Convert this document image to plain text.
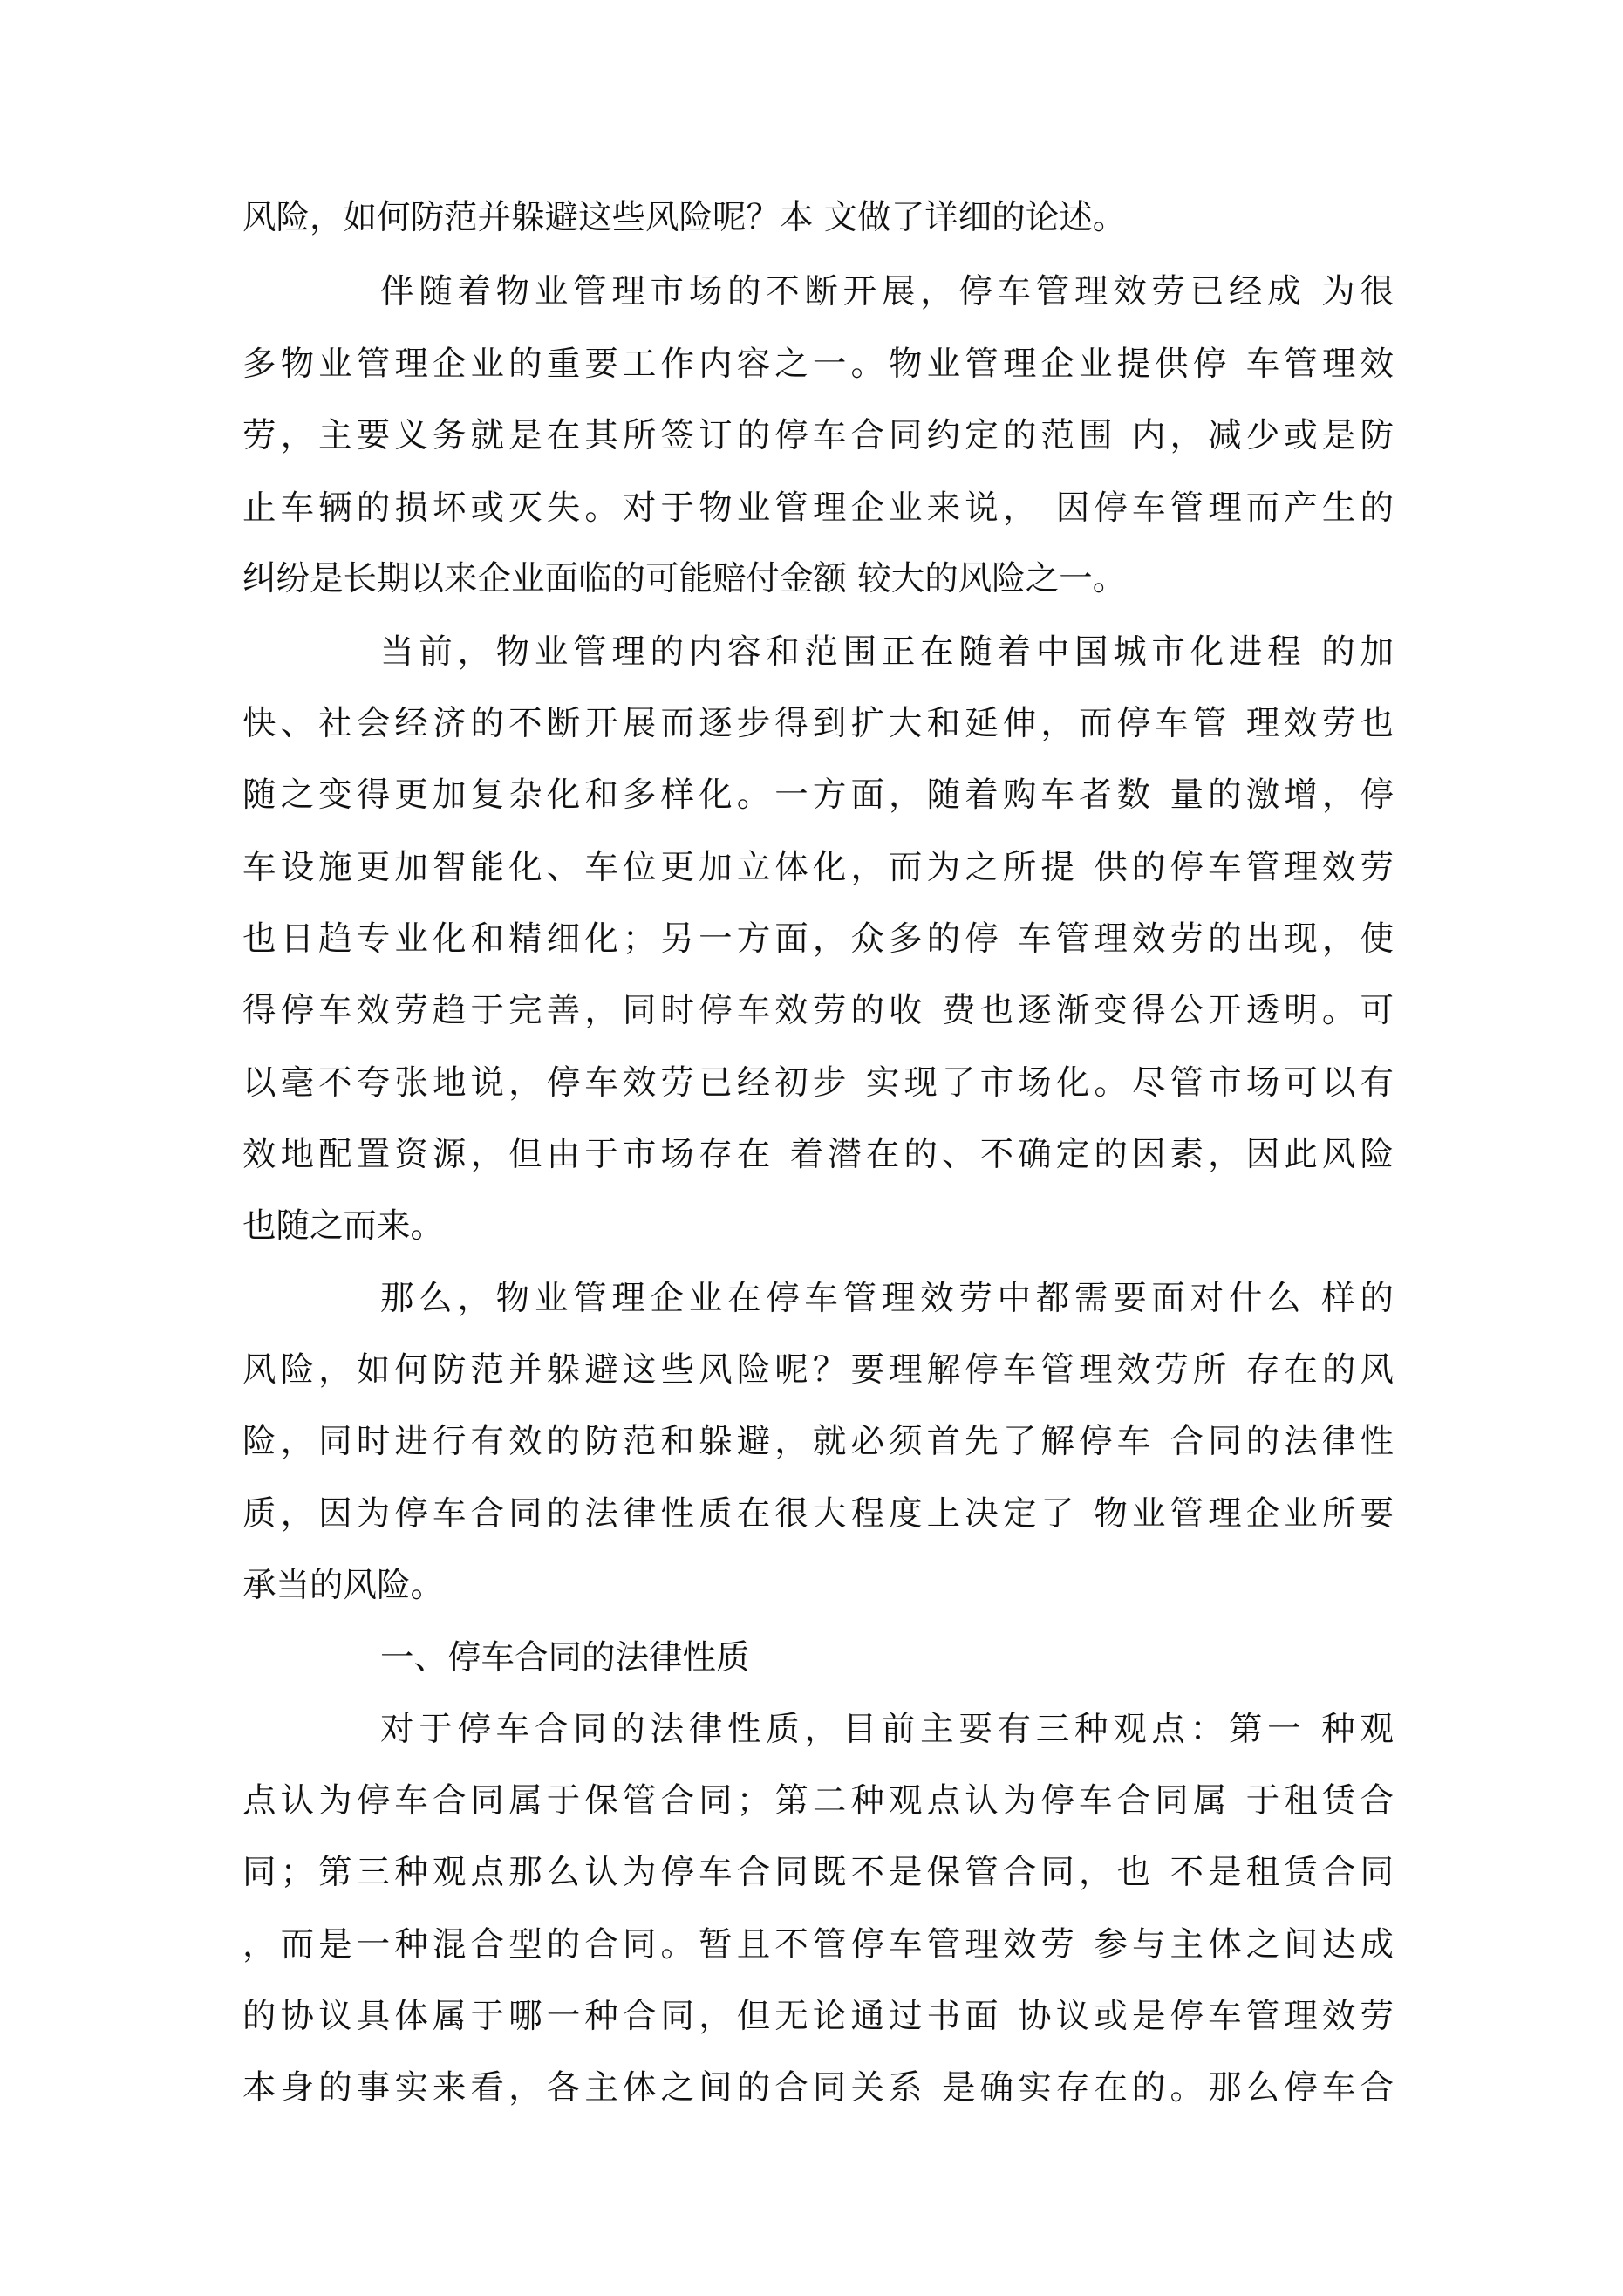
风险，如何防范并躲避这些风险呢？本 文做了详细的论述。
伴随着物业管理市场的不断开展，停车管理效劳已经成 为很
多物业管理企业的重要工作内容之一。物业管理企业提供停 车管理效
劳，主要义务就是在其所签订的停车合同约定的范围 内，减少或是防
止车辆的损坏或灭失。对于物业管理企业来说， 因停车管理而产生的
纠纷是长期以来企业面临的可能赔付金额 较大的风险之一。
当前，物业管理的内容和范围正在随着中国城市化进程 的加
快、社会经济的不断开展而逐步得到扩大和延伸，而停车管 理效劳也
随之变得更加复杂化和多样化。一方面，随着购车者数 量的激增，停
车设施更加智能化、车位更加立体化，而为之所提 供的停车管理效劳
也日趋专业化和精细化；另一方面，众多的停 车管理效劳的出现，使
得停车效劳趋于完善，同时停车效劳的收 费也逐渐变得公开透明。可
以毫不夸张地说，停车效劳已经初步 实现了市场化。尽管市场可以有
效地配置资源，但由于市场存在 着潜在的、不确定的因素，因此风险
也随之而来。
那么，物业管理企业在停车管理效劳中都需要面对什么 样的
风险，如何防范并躲避这些风险呢？要理解停车管理效劳所 存在的风
险，同时进行有效的防范和躲避，就必须首先了解停车 合同的法律性
质，因为停车合同的法律性质在很大程度上决定了 物业管理企业所要
承当的风险。
一、停车合同的法律性质
对于停车合同的法律性质，目前主要有三种观点：第一 种观
点认为停车合同属于保管合同；第二种观点认为停车合同属 于租赁合
同；第三种观点那么认为停车合同既不是保管合同，也 不是租赁合同
，而是一种混合型的合同。暂且不管停车管理效劳 参与主体之间达成
的协议具体属于哪一种合同，但无论通过书面 协议或是停车管理效劳
本身的事实来看，各主体之间的合同关系 是确实存在的。那么停车合
